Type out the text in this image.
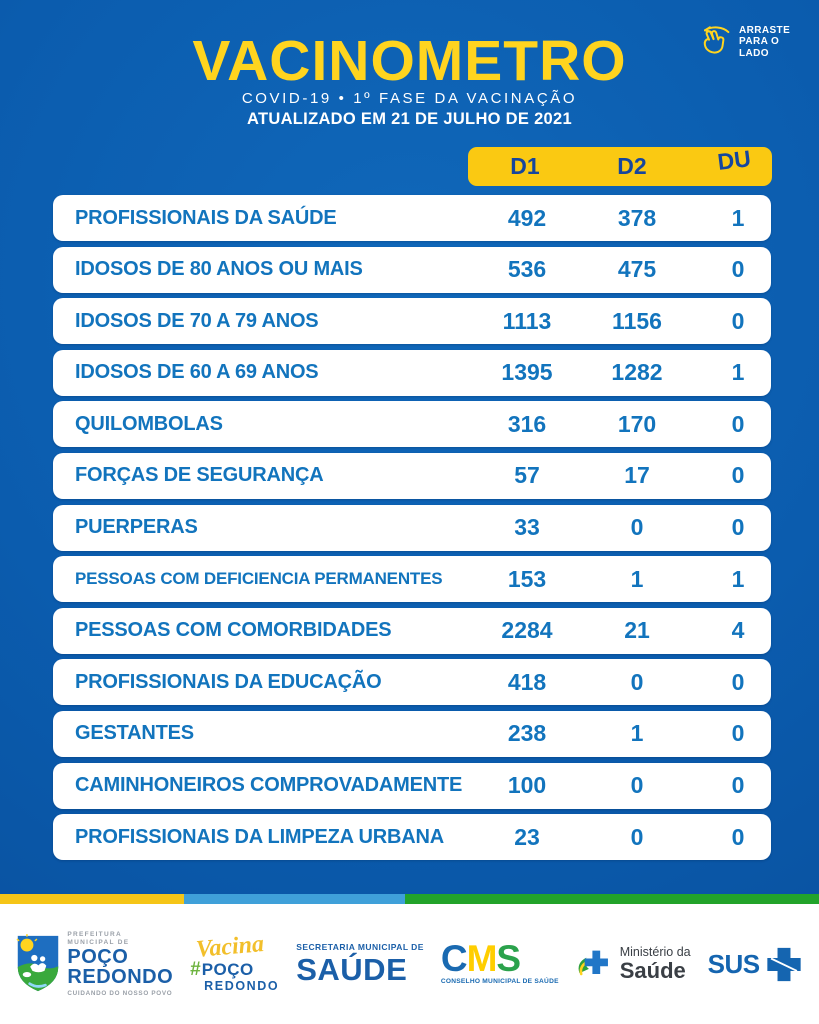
ARRASTE PARA O LADO
VACINOMETRO
COVID-19 • 1º FASE DA VACINAÇÃO
ATUALIZADO EM 21 DE JULHO DE 2021
D1	D2	DU
PROFISSIONAIS DA SAÚDE	492	378	1
IDOSOS DE 80 ANOS OU MAIS	536	475	0
IDOSOS DE 70 A 79 ANOS	1113	1156	0
IDOSOS DE 60 A 69 ANOS	1395	1282	1
QUILOMBOLAS	316	170	0
FORÇAS DE SEGURANÇA	57	17	0
PUERPERAS	33	0	0
PESSOAS COM DEFICIENCIA PERMANENTES	153	1	1
PESSOAS COM COMORBIDADES	2284	21	4
PROFISSIONAIS DA EDUCAÇÃO	418	0	0
GESTANTES	238	1	0
CAMINHONEIROS COMPROVADAMENTE	100	0	0
PROFISSIONAIS DA LIMPEZA URBANA	23	0	0
PREFEITURA
MUNICIPAL DE
POÇO
REDONDO
CUIDANDO DO NOSSO POVO
Vacina
# POÇO
REDONDO
SECRETARIA MUNICIPAL DE
SAÚDE CMS
CONSELHO MUNICIPAL DE SAÚDE
Ministério da
Saúde SUS
